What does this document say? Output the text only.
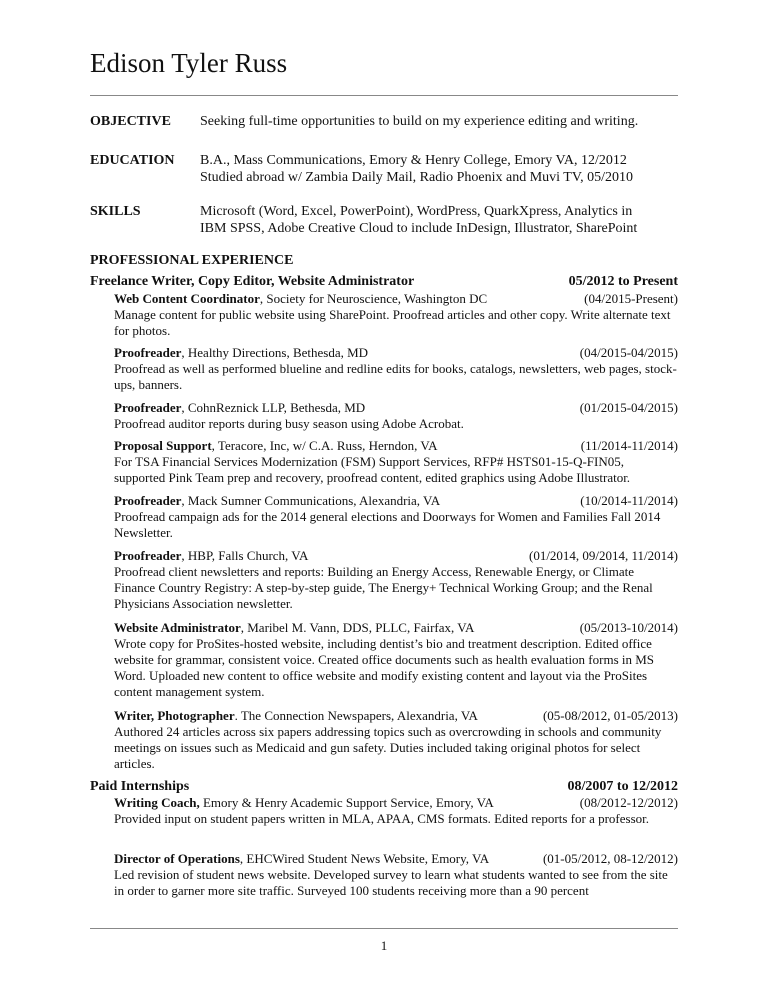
Edison Tyler Russ
OBJECTIVE Seeking full-time opportunities to build on my experience editing and writing.
EDUCATION B.A., Mass Communications, Emory & Henry College, Emory VA, 12/2012
Studied abroad w/ Zambia Daily Mail, Radio Phoenix and Muvi TV, 05/2010
SKILLS	Microsoft (Word, Excel, PowerPoint), WordPress, QuarkXpress, Analytics in
IBM SPSS, Adobe Creative Cloud to include InDesign, Illustrator, SharePoint
PROFESSIONAL EXPERIENCE
Freelance Writer, Copy Editor, Website Administrator	05/2012 to Present
Web Content Coordinator, Society for Neuroscience, Washington DC	(04/2015-Present)

Manage content for public website using SharePoint. Proofread articles and other copy. Write alternate text for photos.

Proofreader, Healthy Directions, Bethesda, MD	(04/2015-04/2015)

Proofread as well as performed blueline and redline edits for books, catalogs, newsletters, web pages, stock-ups, banners.

Proofreader, CohnReznick LLP, Bethesda, MD	(01/2015-04/2015)

Proofread auditor reports during busy season using Adobe Acrobat.

Proposal Support, Teracore, Inc, w/ C.A. Russ, Herndon, VA	(11/2014-11/2014)

For TSA Financial Services Modernization (FSM) Support Services, RFP# HSTS01-15-Q-FIN05, supported Pink Team prep and recovery, proofread content, edited graphics using Adobe Illustrator.

Proofreader, Mack Sumner Communications, Alexandria, VA	(10/2014-11/2014)

Proofread campaign ads for the 2014 general elections and Doorways for Women and Families Fall 2014 Newsletter.

Proofreader, HBP, Falls Church, VA	(01/2014, 09/2014, 11/2014)

Proofread client newsletters and reports: Building an Energy Access, Renewable Energy, or Climate Finance Country Registry: A step-by-step guide, The Energy+ Technical Working Group; and the Renal Physicians Association newsletter.

Website Administrator, Maribel M. Vann, DDS, PLLC, Fairfax, VA	(05/2013-10/2014)

Wrote copy for ProSites-hosted website, including dentist’s bio and treatment description. Edited office website for grammar, consistent voice. Created office documents such as health evaluation forms in MS Word. Uploaded new content to office website and modify existing content and layout via the ProSites content management system.

Writer, Photographer. The Connection Newspapers, Alexandria, VA	(05-08/2012, 01-05/2013)

Authored 24 articles across six papers addressing topics such as overcrowding in schools and community meetings on issues such as Medicaid and gun safety. Duties included taking original photos for select articles.

Paid Internships	08/2007 to 12/2012
Writing Coach, Emory & Henry Academic Support Service, Emory, VA	(08/2012-12/2012)

Provided input on student papers written in MLA, APAA, CMS formats. Edited reports for a professor.

Director of Operations, EHCWired Student News Website, Emory, VA	(01-05/2012, 08-12/2012)

Led revision of student news website. Developed survey to learn what students wanted to see from the site in order to garner more site traffic. Surveyed 100 students receiving more than a 90 percent

1
